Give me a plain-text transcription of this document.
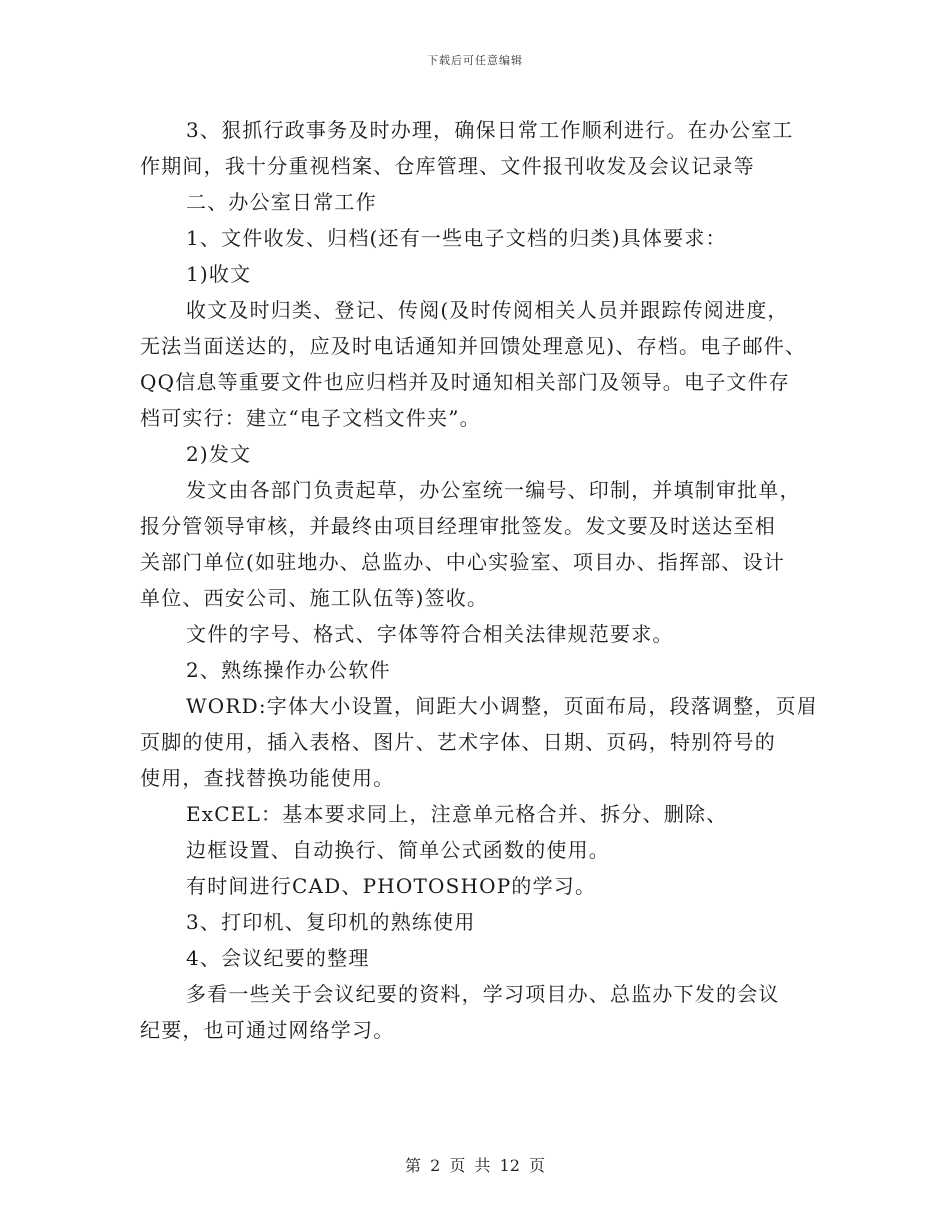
下载后可任意编辑
3、狠抓行政事务及时办理，确保日常工作顺利进行。在办公室工
作期间，我十分重视档案、仓库管理、文件报刊收发及会议记录等
二、办公室日常工作
1、文件收发、归档(还有一些电子文档的归类)具体要求：
1)收文
收文及时归类、登记、传阅(及时传阅相关人员并跟踪传阅进度，
无法当面送达的，应及时电话通知并回馈处理意见)、存档。电子邮件、
QQ信息等重要文件也应归档并及时通知相关部门及领导。电子文件存
档可实行：建立“电子文档文件夹”。
2)发文
发文由各部门负责起草，办公室统一编号、印制，并填制审批单，
报分管领导审核，并最终由项目经理审批签发。发文要及时送达至相
关部门单位(如驻地办、总监办、中心实验室、项目办、指挥部、设计
单位、西安公司、施工队伍等)签收。
文件的字号、格式、字体等符合相关法律规范要求。
2、熟练操作办公软件
WORD:字体大小设置，间距大小调整，页面布局，段落调整，页眉
页脚的使用，插入表格、图片、艺术字体、日期、页码，特别符号的
使用，查找替换功能使用。
ExCEL：基本要求同上，注意单元格合并、拆分、删除、
边框设置、自动换行、简单公式函数的使用。
有时间进行CAD、PHOTOSHOP的学习。
3、打印机、复印机的熟练使用
4、会议纪要的整理
多看一些关于会议纪要的资料，学习项目办、总监办下发的会议
纪要，也可通过网络学习。
第 2 页 共 12 页
